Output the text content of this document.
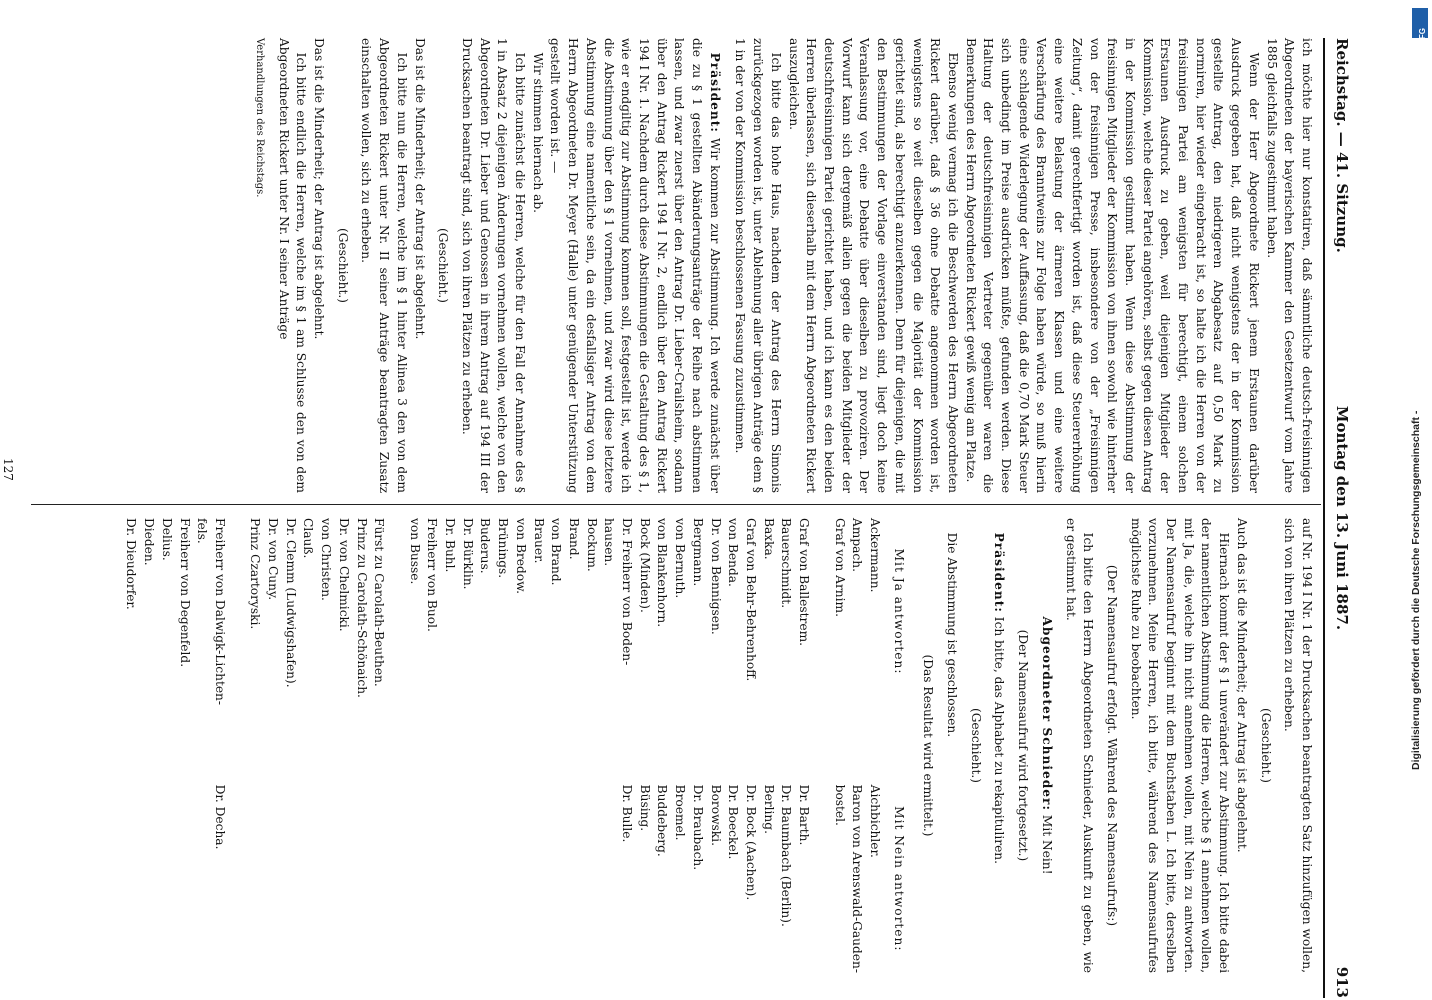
Reichstag. — 41. Sitzung.
Montag den 13. Juni 1887.
913

ich möchte hier nur konstatiren, daß sämmtliche deutsch-freisinnigen Abgeordneten der bayerischen Kammer den Gesetzentwurf vom Jahre 1885 gleichfalls zugestimmt haben.

Wenn der Herr Abgeordnete Rickert jenem Erstaunen darüber Ausdruck gegeben hat, daß nicht wenigstens der in der Kommission gestellte Antrag, den niedrigeren Abgabesatz auf 0,50 Mark zu normiren, hier wieder eingebracht ist, so halte ich die Herren von der freisinnigen Partei am wenigsten für berechtigt, einem solchen Erstaunen Ausdruck zu geben, weil diejenigen Mitglieder der Kommission, welche dieser Partei angehören, selbst gegen diesen Antrag in der Kommission gestimmt haben. Wenn diese Abstimmung der freisinnigen Mitglieder der Kommission von ihnen sowohl wie hinterher von der freisinnigen Presse, insbesondere von der „Freisinnigen Zeitung“, damit gerechtfertigt worden ist, daß diese Steuererhöhung eine weitere Belastung der ärmeren Klassen und eine weitere Verschärfung des Branntweins zur Folge haben würde, so muß hierin eine schlagende Widerlegung der Auffassung, daß die 0,70 Mark Steuer sich unbedingt im Preise ausdrücken müßte, gefunden werden. Diese Haltung der deutschfreisinnigen Vertreter gegenüber waren die Bemerkungen des Herrn Abgeordneten Rickert gewiß wenig am Platze.

Ebenso wenig vermag ich die Beschwerden des Herrn Abgeordneten Rickert darüber, daß § 36 ohne Debatte angenommen worden ist, wenigstens so weit dieselben gegen die Majorität der Kommission gerichtet sind, als berechtigt anzuerkennen. Denn für diejenigen, die mit den Bestimmungen der Vorlage einverstanden sind, liegt doch keine Veranlassung vor, eine Debatte über dieselben zu provoziren. Der Vorwurf kann sich dergemäß allein gegen die beiden Mitglieder der deutschfreisinnigen Partei gerichtet haben, und ich kann es den beiden Herren überlassen, sich dieserhalb mit dem Herrn Abgeordneten Rickert auszugleichen.

Ich bitte das hohe Haus, nachdem der Antrag des Herrn Simonis zurückgezogen worden ist, unter Ablehnung aller übrigen Anträge dem § 1 in der von der Kommission beschlossenen Fassung zuzustimmen.

Präsident: Wir kommen zur Abstimmung. Ich werde zunächst über die zu § 1 gestellten Abänderungsanträge der Reihe nach abstimmen lassen, und zwar zuerst über den Antrag Dr. Lieber-Crailsheim, sodann über den Antrag Rickert 194 I Nr. 2, endlich über den Antrag Rickert 194 I Nr. 1. Nachdem durch diese Abstimmungen die Gestaltung des § 1, wie er endgiltig zur Abstimmung kommen soll, festgestellt ist, werde ich die Abstimmung über den § 1 vornehmen, und zwar wird diese letztere Abstimmung eine namentliche sein, da ein desfallsiger Antrag von dem Herrn Abgeordneten Dr. Meyer (Halle) unter genügender Unterstützung gestellt worden ist. —

Wir stimmen hiernach ab.

Ich bitte zunächst die Herren, welche für den Fall der Annahme des § 1 in Absatz 2 diejenigen Änderungen vornehmen wollen, welche von den Abgeordneten Dr. Lieber und Genossen in ihrem Antrag auf 194 III der Drucksachen beantragt sind, sich von ihren Plätzen zu erheben.

(Geschieht.)

Das ist die Minderheit; der Antrag ist abgelehnt.

Ich bitte nun die Herren, welche im § 1 hinter Alinea 3 den von dem Abgeordneten Rickert unter Nr. II seiner Anträge beantragten Zusatz einschalten wollen, sich zu erheben.

(Geschieht.)

Das ist die Minderheit; der Antrag ist abgelehnt.

Ich bitte endlich die Herren, welche im § 1 am Schlusse den von dem Abgeordneten Rickert unter Nr. I seiner Anträge

Verhandlungen des Reichstags.

auf Nr. 194 I Nr. 1 der Drucksachen beantragten Satz hinzufügen wollen, sich von ihren Plätzen zu erheben.

(Geschieht.)

Auch das ist die Minderheit; der Antrag ist abgelehnt.

Hiernach kommt der § 1 unverändert zur Abstimmung. Ich bitte dabei der namentlichen Abstimmung die Herren, welche § 1 annehmen wollen, mit Ja, die, welche ihn nicht annehmen wollen, mit Nein zu antworten. Der Namensaufruf beginnt mit dem Buchstaben L. Ich bitte, derselben vorzunehmen. Meine Herren, ich bitte, während des Namensaufrufes möglichste Ruhe zu beobachten.

(Der Namensaufruf erfolgt. Während des Namensaufrufs:)

Ich bitte den Herrn Abgeordneten Schnieder, Auskunft zu geben, wie er gestimmt hat.

Abgeordneter Schnieder: Mit Nein!

(Der Namensaufruf wird fortgesetzt.)

Präsident: Ich bitte, das Alphabet zu rekapituliren.

(Geschieht.)

Die Abstimmung ist geschlossen.

(Das Resultat wird ermittelt.)

Mit Ja antworten:
Ackermann.
Ampach.
Graf von Arnim.

Graf von Ballestrem.
Bauerschmidt.
Baxka.
Graf von Behr-Behrenhoff.
von Benda.
Dr. von Bennigsen.
Bergmann.
von Bernuth.
von Blankenhorn.
Bock (Minden).
Dr. Freiherr von Boden-
hausen.
Bockum.
Brand.
von Brand.
Brauer.
von Bredow.
Brünings.
Buderus.
Dr. Bürklin.
Dr. Buhl.
Freiherr von Buol.
von Busse.

Fürst zu Carolath-Beuthen.
Prinz zu Carolath-Schönaich.
Dr. von Chelmicki.
von Christen.
Clauß.
Dr. Clemm (Ludwigshafen).
Dr. von Cuny.
Prinz Czartoryski.

Freiherr von Dalwigk-Lichten-
fels.
Freiherr von Degenfeld.
Delius.
Dieden.
Dr. Dieudorfer.
Mit Nein antworten:
Aichbichler.
Baron von Arenswald-Gauden-
bostel.

Dr. Barth.
Dr. Baumbach (Berlin).
Berling.
Dr. Bock (Aachen).
Dr. Boeckel.
Borowski.
Dr. Braubach.
Broemel.
Buddeberg.
Büsing.
Dr. Bulle.

Dr. Decha.
127	Digitalisierung gefördert durch die Deutsche Forschungsgemeinschaft -
DFG
